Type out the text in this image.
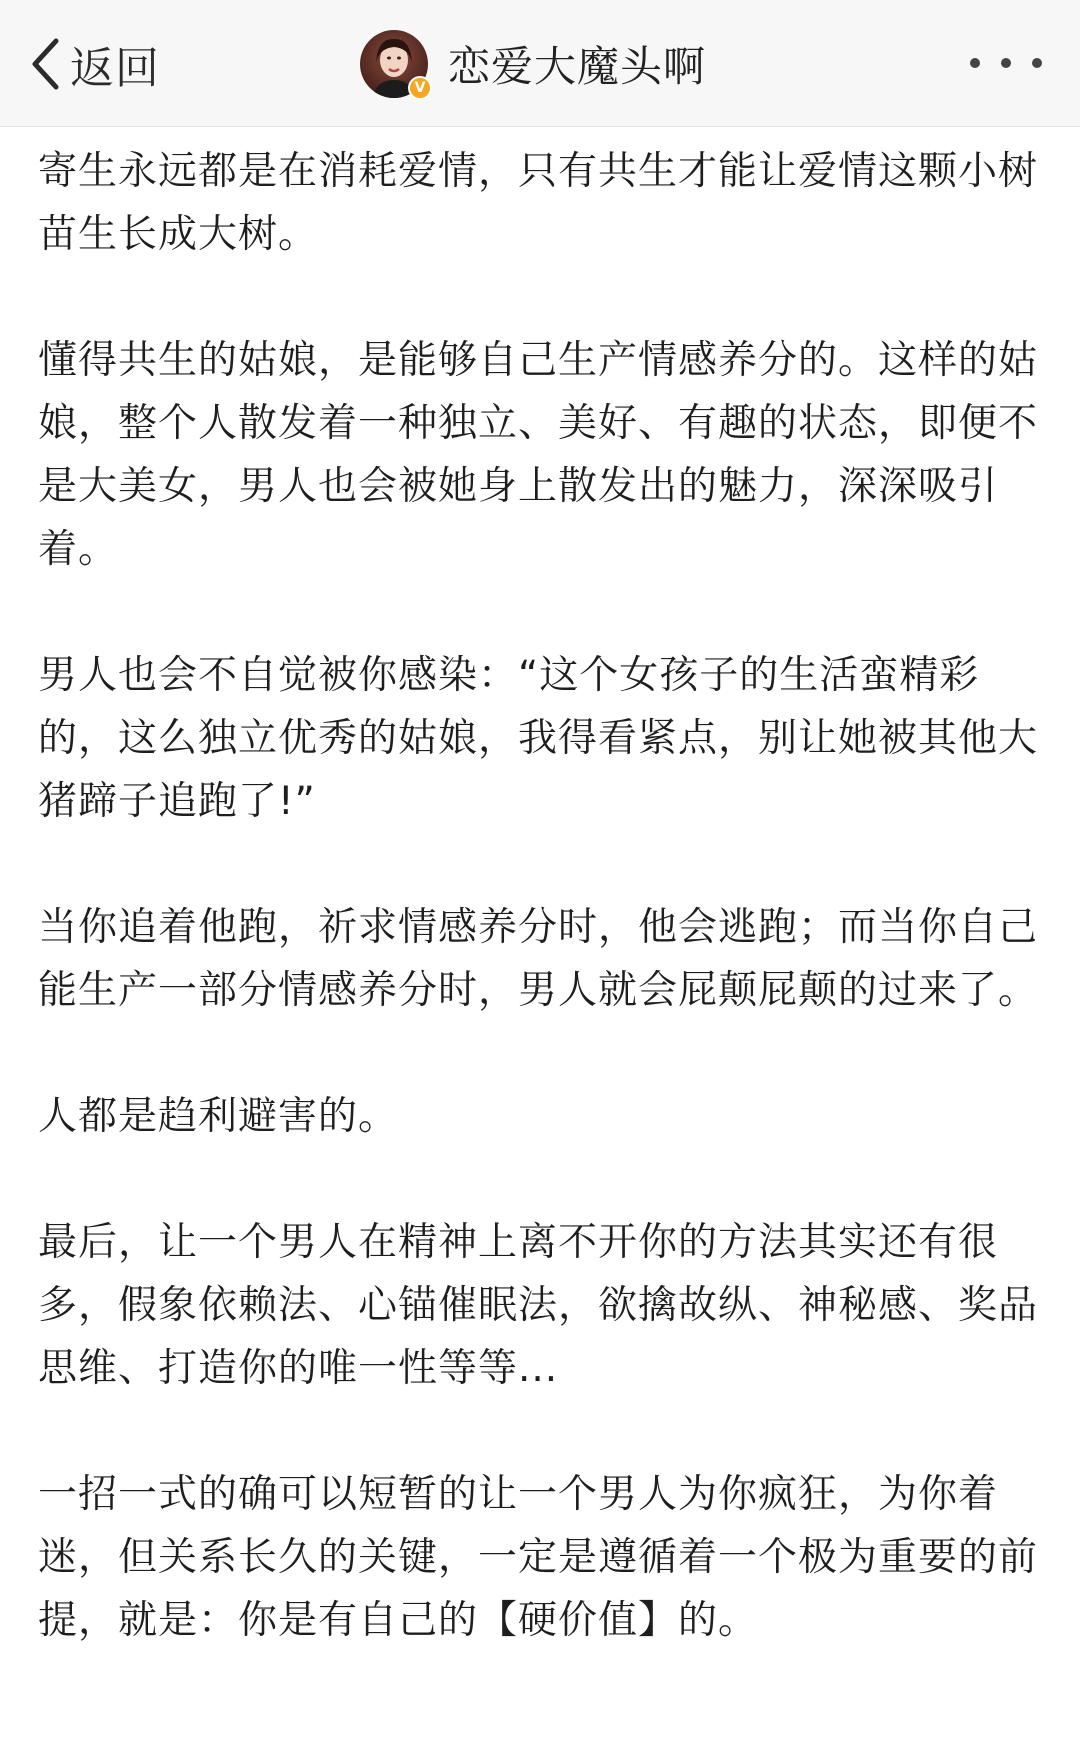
返回	V 恋爱大魔头啊

寄生永远都是在消耗爱情，只有共生才能让爱情这颗小树苗生长成大树。

懂得共生的姑娘，是能够自己生产情感养分的。这样的姑娘，整个人散发着一种独立、美好、有趣的状态，即便不是大美女，男人也会被她身上散发出的魅力，深深吸引着。

男人也会不自觉被你感染：“这个女孩子的生活蛮精彩的，这么独立优秀的姑娘，我得看紧点，别让她被其他大猪蹄子追跑了!”

当你追着他跑，祈求情感养分时，他会逃跑；而当你自己能生产一部分情感养分时，男人就会屁颠屁颠的过来了。

人都是趋利避害的。

最后，让一个男人在精神上离不开你的方法其实还有很多，假象依赖法、心锚催眠法，欲擒故纵、神秘感、奖品思维、打造你的唯一性等等...

一招一式的确可以短暂的让一个男人为你疯狂，为你着迷，但关系长久的关键，一定是遵循着一个极为重要的前提，就是：你是有自己的【硬价值】的。
